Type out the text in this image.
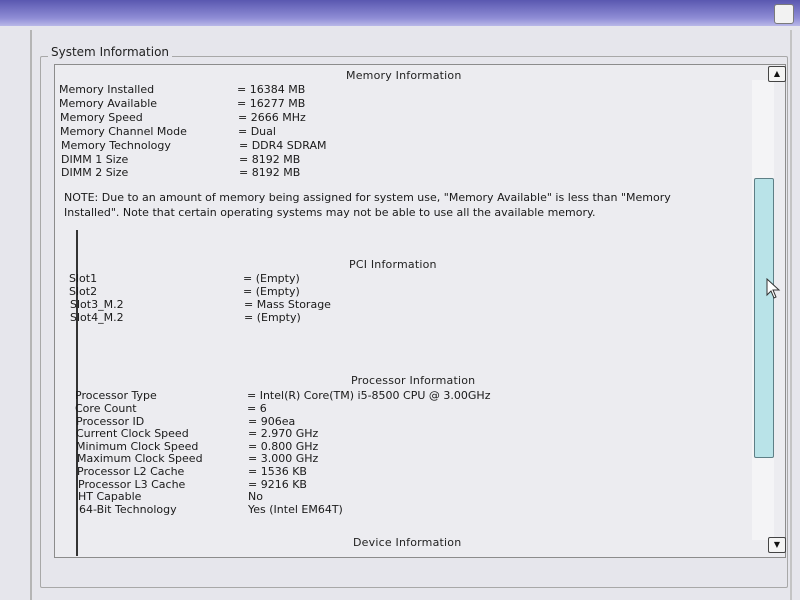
System Information
Memory Information
Memory Installed	= 16384 MB
Memory Available	= 16277 MB
Memory Speed	= 2666 MHz
Memory Channel Mode	= Dual
Memory Technology	= DDR4 SDRAM
DIMM 1 Size	= 8192 MB
DIMM 2 Size	= 8192 MB
NOTE: Due to an amount of memory being assigned for system use, "Memory Available" is less than "Memory Installed". Note that certain operating systems may not be able to use all the available memory.
PCI Information
Slot1	= (Empty)
Slot2	= (Empty)
Slot3_M.2	= Mass Storage
Slot4_M.2	= (Empty)
Processor Information
Processor Type	= Intel(R) Core(TM) i5-8500 CPU @ 3.00GHz
Core Count	= 6
Processor ID	= 906ea
Current Clock Speed	= 2.970 GHz
Minimum Clock Speed	= 0.800 GHz
Maximum Clock Speed	= 3.000 GHz
Processor L2 Cache	= 1536 KB
Processor L3 Cache	= 9216 KB
HT Capable	No
64-Bit Technology	Yes (Intel EM64T)
Device Information
▲
▼
